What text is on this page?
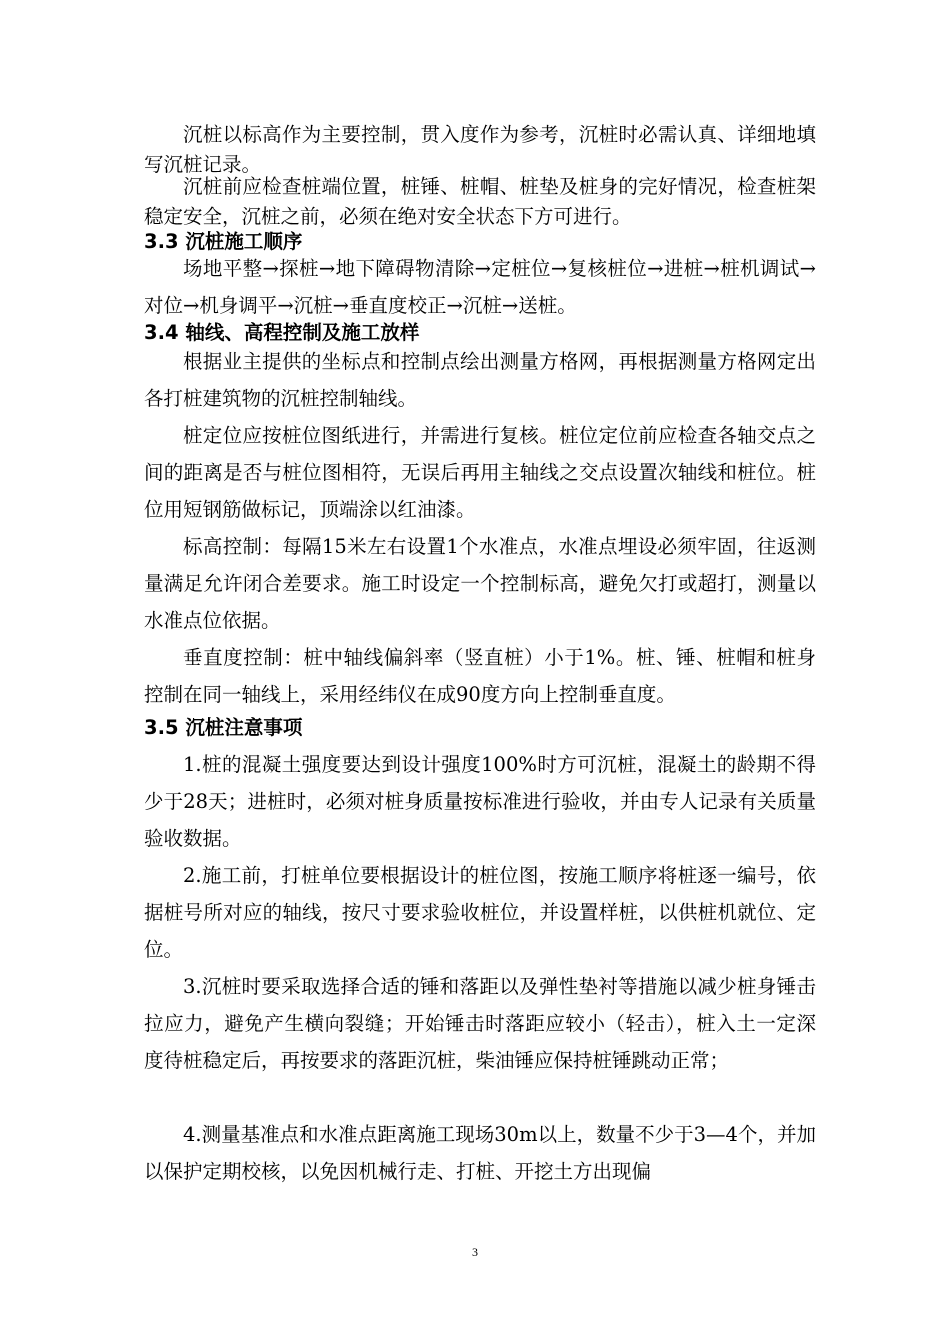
沉桩以标高作为主要控制，贯入度作为参考，沉桩时必需认真、详细地填写沉桩记录。

沉桩前应检查桩端位置，桩锤、桩帽、桩垫及桩身的完好情况，检查桩架稳定安全，沉桩之前，必须在绝对安全状态下方可进行。

3.3 沉桩施工顺序

场地平整→探桩→地下障碍物清除→定桩位→复核桩位→进桩→桩机调试→对位→机身调平→沉桩→垂直度校正→沉桩→送桩。

3.4 轴线、高程控制及施工放样

根据业主提供的坐标点和控制点绘出测量方格网，再根据测量方格网定出各打桩建筑物的沉桩控制轴线。

桩定位应按桩位图纸进行，并需进行复核。桩位定位前应检查各轴交点之间的距离是否与桩位图相符，无误后再用主轴线之交点设置次轴线和桩位。桩位用短钢筋做标记，顶端涂以红油漆。

标高控制：每隔15米左右设置1个水准点，水准点埋设必须牢固，往返测量满足允许闭合差要求。施工时设定一个控制标高，避免欠打或超打，测量以水准点位依据。

垂直度控制：桩中轴线偏斜率（竖直桩）小于1%。桩、锤、桩帽和桩身控制在同一轴线上，采用经纬仪在成90度方向上控制垂直度。

3.5 沉桩注意事项

1.桩的混凝土强度要达到设计强度100%时方可沉桩，混凝土的龄期不得少于28天；进桩时，必须对桩身质量按标准进行验收，并由专人记录有关质量验收数据。

2.施工前，打桩单位要根据设计的桩位图，按施工顺序将桩逐一编号，依据桩号所对应的轴线，按尺寸要求验收桩位，并设置样桩，以供桩机就位、定位。

3.沉桩时要采取选择合适的锤和落距以及弹性垫衬等措施以减少桩身锤击拉应力，避免产生横向裂缝；开始锤击时落距应较小（轻击），桩入土一定深度待桩稳定后，再按要求的落距沉桩，柴油锤应保持桩锤跳动正常；

4.测量基准点和水准点距离施工现场30m以上，数量不少于3—4个，并加以保护定期校核，以免因机械行走、打桩、开挖土方出现偏

3
